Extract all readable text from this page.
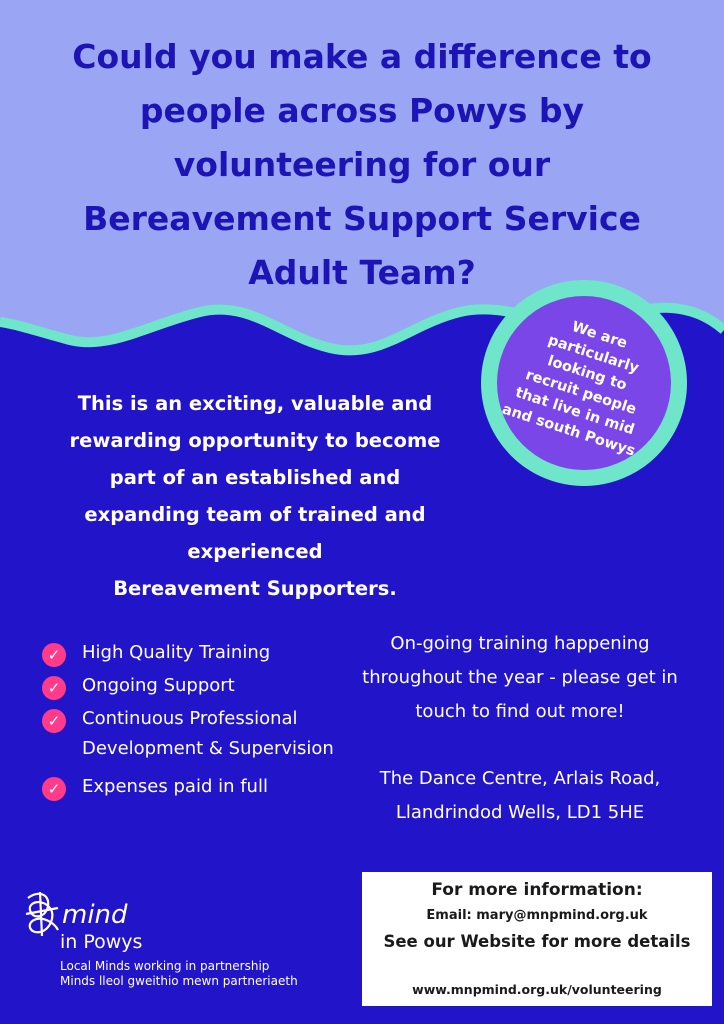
Could you make a difference to
people across Powys by
volunteering for our
Bereavement Support Service
Adult Team?
We are particularly looking to recruit people that live in mid and south Powys
This is an exciting, valuable and
rewarding opportunity to become
part of an established and
expanding team of trained and
experienced
Bereavement Supporters.
✓	High Quality Training
✓	Ongoing Support
✓	Continuous Professional Development & Supervision
✓	Expenses paid in full
On-going training happening throughout the year - please get in touch to find out more!
The Dance Centre, Arlais Road, Llandrindod Wells, LD1 5HE
mind
in Powys
Local Minds working in partnership
Minds lleol gweithio mewn partneriaeth
For more information:
Email: mary@mnpmind.org.uk
See our Website for more details
www.mnpmind.org.uk/volunteering
